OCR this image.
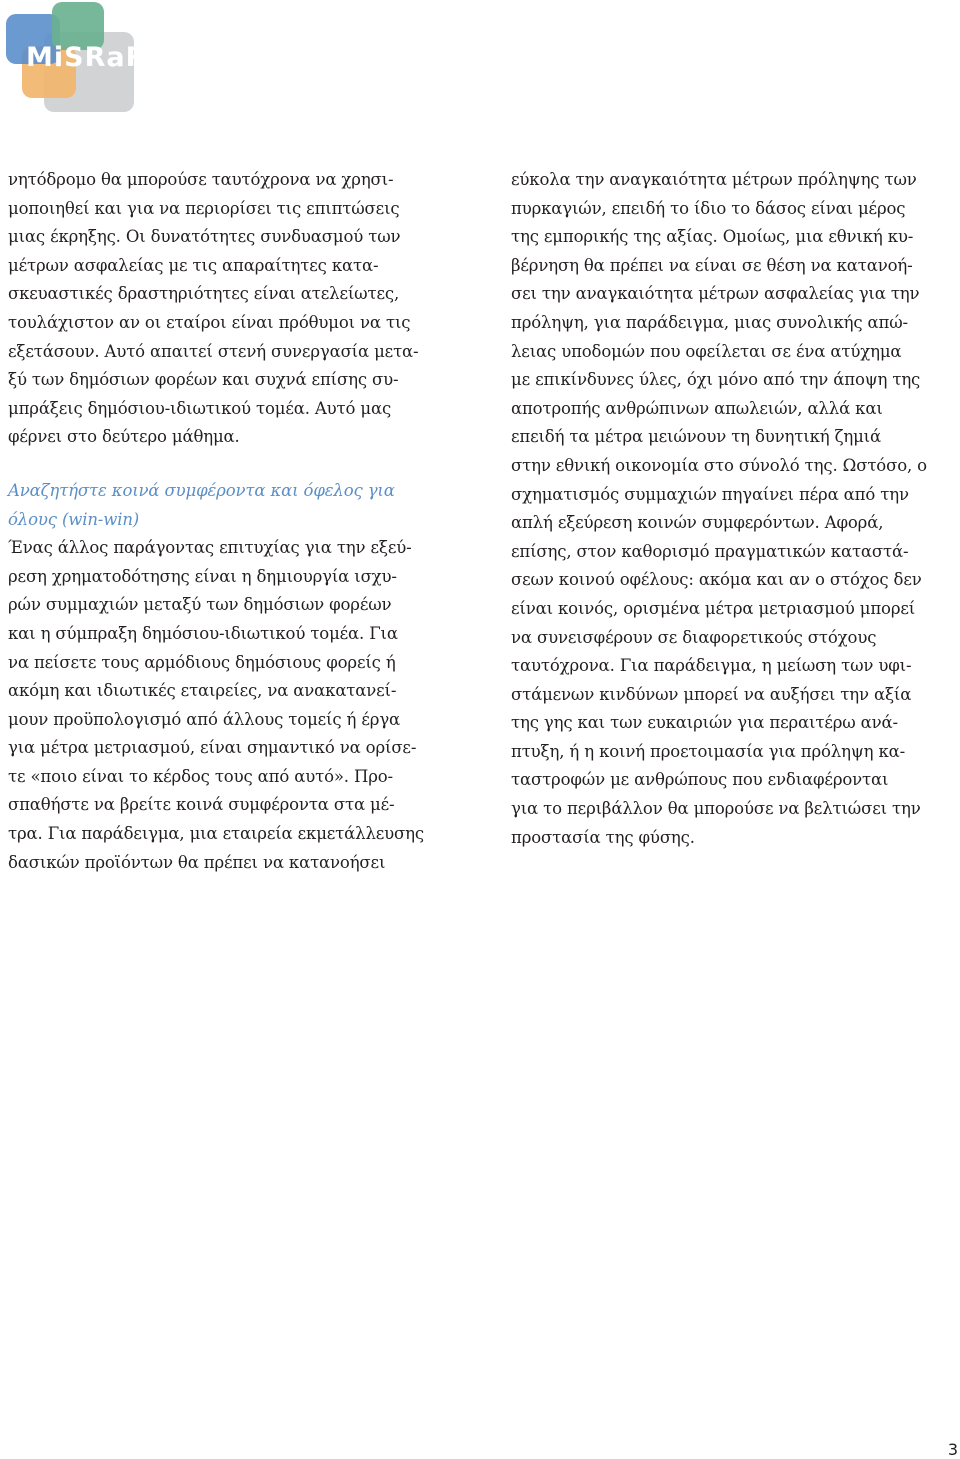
MiSRaR
νητόδρομο θα μπορούσε ταυτόχρονα να χρησι-
μοποιηθεί και για να περιορίσει τις επιπτώσεις
μιας έκρηξης. Οι δυνατότητες συνδυασμού των
μέτρων ασφαλείας με τις απαραίτητες κατα-
σκευαστικές δραστηριότητες είναι ατελείωτες,
τουλάχιστον αν οι εταίροι είναι πρόθυμοι να τις
εξετάσουν. Αυτό απαιτεί στενή συνεργασία μετα-
ξύ των δημόσιων φορέων και συχνά επίσης συ-
μπράξεις δημόσιου-ιδιωτικού τομέα. Αυτό μας
φέρνει στο δεύτερο μάθημα.
Αναζητήστε κοινά συμφέροντα και όφελος για
όλους (win-win)
Ένας άλλος παράγοντας επιτυχίας για την εξεύ-
ρεση χρηματοδότησης είναι η δημιουργία ισχυ-
ρών συμμαχιών μεταξύ των δημόσιων φορέων
και η σύμπραξη δημόσιου-ιδιωτικού τομέα. Για
να πείσετε τους αρμόδιους δημόσιους φορείς ή
ακόμη και ιδιωτικές εταιρείες, να ανακατανεί-
μουν προϋπολογισμό από άλλους τομείς ή έργα
για μέτρα μετριασμού, είναι σημαντικό να ορίσε-
τε «ποιο είναι το κέρδος τους από αυτό». Προ-
σπαθήστε να βρείτε κοινά συμφέροντα στα μέ-
τρα. Για παράδειγμα, μια εταιρεία εκμετάλλευσης
δασικών προϊόντων θα πρέπει να κατανοήσει
εύκολα την αναγκαιότητα μέτρων πρόληψης των
πυρκαγιών, επειδή το ίδιο το δάσος είναι μέρος
της εμπορικής της αξίας. Ομοίως, μια εθνική κυ-
βέρνηση θα πρέπει να είναι σε θέση να κατανοή-
σει την αναγκαιότητα μέτρων ασφαλείας για την
πρόληψη, για παράδειγμα, μιας συνολικής απώ-
λειας υποδομών που οφείλεται σε ένα ατύχημα
με επικίνδυνες ύλες, όχι μόνο από την άποψη της
αποτροπής ανθρώπινων απωλειών, αλλά και
επειδή τα μέτρα μειώνουν τη δυνητική ζημιά
στην εθνική οικονομία στο σύνολό της. Ωστόσο, ο
σχηματισμός συμμαχιών πηγαίνει πέρα από την
απλή εξεύρεση κοινών συμφερόντων. Αφορά,
επίσης, στον καθορισμό πραγματικών καταστά-
σεων κοινού οφέλους: ακόμα και αν ο στόχος δεν
είναι κοινός, ορισμένα μέτρα μετριασμού μπορεί
να συνεισφέρουν σε διαφορετικούς στόχους
ταυτόχρονα. Για παράδειγμα, η μείωση των υφι-
στάμενων κινδύνων μπορεί να αυξήσει την αξία
της γης και των ευκαιριών για περαιτέρω ανά-
πτυξη, ή η κοινή προετοιμασία για πρόληψη κα-
ταστροφών με ανθρώπους που ενδιαφέρονται
για το περιβάλλον θα μπορούσε να βελτιώσει την
προστασία της φύσης.
3
